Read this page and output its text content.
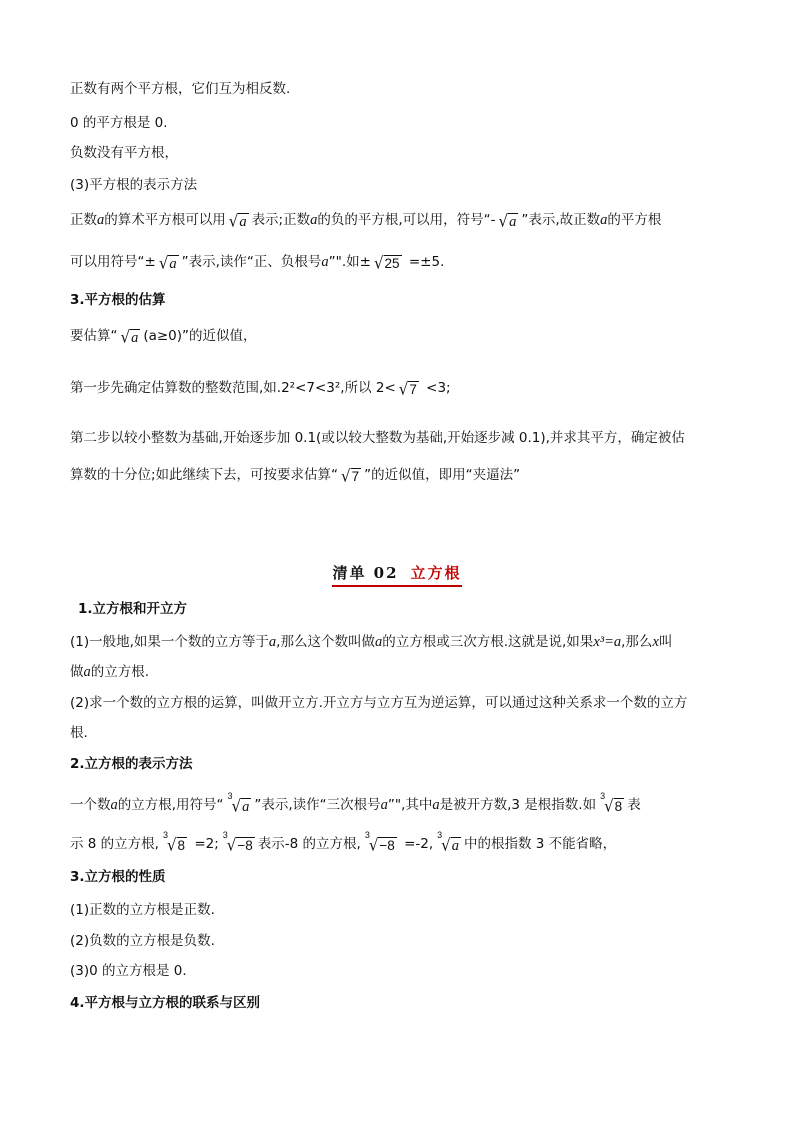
正数有两个平方根，它们互为相反数.
0 的平方根是 0.
负数没有平方根，
(3)平方根的表示方法
正数a的算术平方根可以用 √a 表示;正数a的负的平方根,可以用，符号“- √a ”表示,故正数a的平方根
可以用符号“± √a ”表示,读作“正、负根号a”".如± √25 =±5.
3.平方根的估算
要估算“ √a (a≥0)”的近似值，
第一步先确定估算数的整数范围,如.2²<7<3²,所以 2< √7 <3;
第二步以较小整数为基础,开始逐步加 0.1(或以较大整数为基础,开始逐步减 0.1),并求其平方，确定被估
算数的十分位;如此继续下去，可按要求估算“ √7 ”的近似值，即用“夹逼法”
清单 02 立方根
1.立方根和开立方
(1)一般地,如果一个数的立方等于a,那么这个数叫做a的立方根或三次方根.这就是说,如果x³=a,那么x叫
做a的立方根.
(2)求一个数的立方根的运算，叫做开立方.开立方与立方互为逆运算，可以通过这种关系求一个数的立方
根.
2.立方根的表示方法
一个数a的立方根,用符号“
3
√a ”表示,读作“三次根号a”",其中a是被开方数,3 是根指数.如
3
√8 表
示 8 的立方根,
3
√8 =2;
3
√−8 表示-8 的立方根,
3
√−8 =-2,
3
√a 中的根指数 3 不能省略，
3.立方根的性质
(1)正数的立方根是正数.
(2)负数的立方根是负数.
(3)0 的立方根是 0.
4.平方根与立方根的联系与区别
